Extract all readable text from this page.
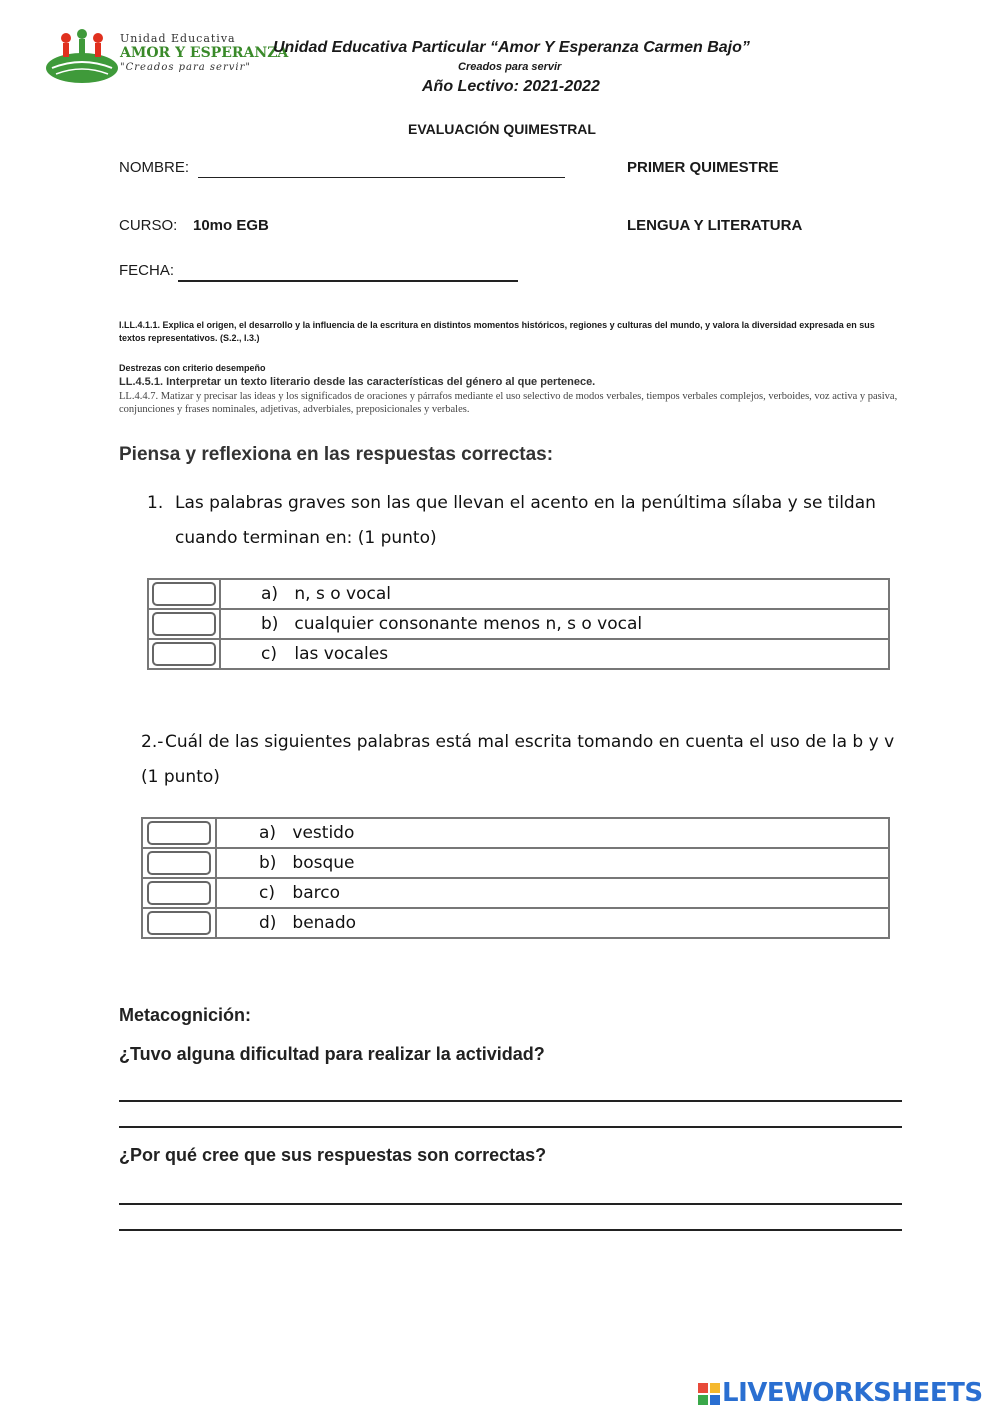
Unidad Educativa
AMOR Y ESPERANZA
"Creados para servir"
Unidad Educativa Particular “Amor Y Esperanza Carmen Bajo”
Creados para servir
Año Lectivo: 2021-2022
EVALUACIÓN QUIMESTRAL
NOMBRE:	PRIMER QUIMESTRE
CURSO: 10mo EGB	LENGUA Y LITERATURA
FECHA:
I.LL.4.1.1. Explica el origen, el desarrollo y la influencia de la escritura en distintos momentos históricos, regiones y culturas del mundo, y valora la diversidad expresada en sus textos representativos. (S.2., I.3.)
Destrezas con criterio desempeño
LL.4.5.1. Interpretar un texto literario desde las características del género al que pertenece.
LL.4.4.7. Matizar y precisar las ideas y los significados de oraciones y párrafos mediante el uso selectivo de modos verbales, tiempos verbales complejos, verboides, voz activa y pasiva, conjunciones y frases nominales, adjetivas, adverbiales, preposicionales y verbales.
Piensa y reflexiona en las respuestas correctas:
1. Las palabras graves son las que llevan el acento en la penúltima sílaba y se tildan
cuando terminan en: (1 punto)
	a) n, s o vocal

	b) cualquier consonante menos n, s o vocal

	c) las vocales
2.- Cuál de las siguientes palabras está mal escrita tomando en cuenta el uso de la b y v
(1 punto)
	a) vestido

	b) bosque

	c) barco

	d) benado
Metacognición:
¿Tuvo alguna dificultad para realizar la actividad?
¿Por qué cree que sus respuestas son correctas?
LIVEWORKSHEETS
